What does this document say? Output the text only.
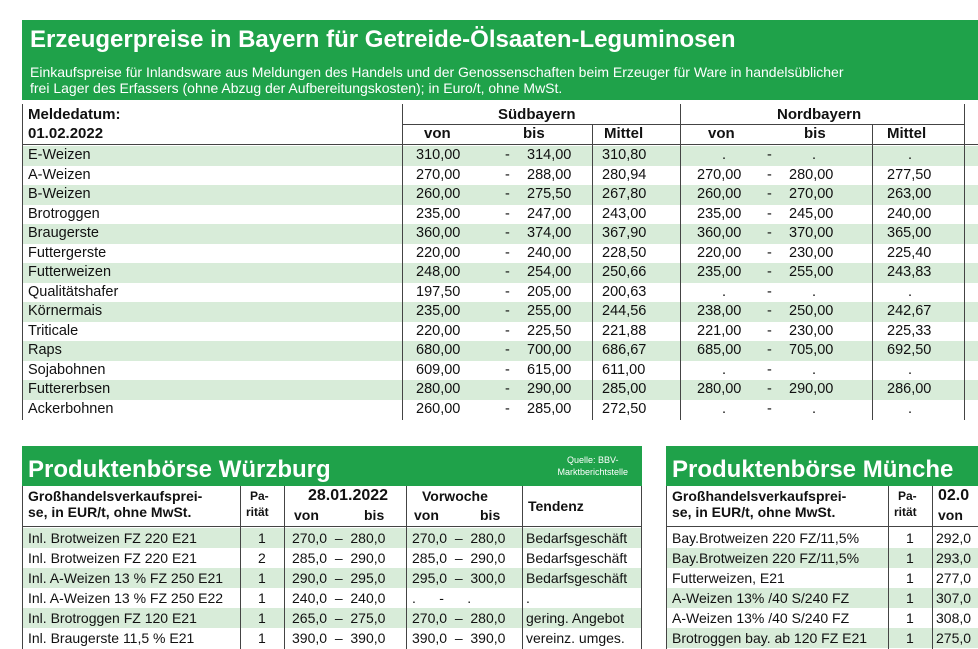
Erzeugerpreise in Bayern für Getreide-Ölsaaten-Leguminosen
Einkaufspreise für Inlandsware aus Meldungen des Handels und der Genossenschaften beim Erzeuger für Ware in handelsüblicher
frei Lager des Erfassers (ohne Abzug der Aufbereitungskosten); in Euro/t, ohne MwSt.
Meldedatum:
01.02.2022
Südbayern	Nordbayern
von	bis	Mittel	von	bis	Mittel
E-Weizen	310,00	- 314,00 310,80	.	-	.	.
A-Weizen	270,00	- 288,00 280,94	270,00 - 280,00	277,50
B-Weizen	260,00	- 275,50 267,80	260,00 - 270,00	263,00
Brotroggen	235,00	- 247,00 243,00	235,00 - 245,00	240,00
Braugerste	360,00	- 374,00 367,90	360,00 - 370,00	365,00
Futtergerste	220,00	- 240,00 228,50	220,00 - 230,00	225,40
Futterweizen	248,00	- 254,00 250,66	235,00 - 255,00	243,83
Qualitätshafer	197,50	- 205,00 200,63	.	-	.	.
Körnermais	235,00	- 255,00 244,56	238,00 - 250,00	242,67
Triticale	220,00	- 225,50 221,88	221,00 - 230,00	225,33
Raps	680,00	- 700,00 686,67	685,00 - 705,00	692,50
Sojabohnen	609,00	- 615,00 611,00	.	-	.	.
Futtererbsen	280,00	- 290,00 285,00	280,00 - 290,00	286,00
Ackerbohnen	260,00	- 285,00 272,50	.	-	.	.
Produktenbörse Würzburg	Quelle: BBV-
Marktberichtstelle
Großhandelsverkaufsprei-
se, in EUR/t, ohne MwSt.
Pa-
rität
28.01.2022
von	bis
Vorwoche
von	bis
Tendenz
Inl. Brotweizen FZ 220 E21	1 270,0  –  280,0 270,0  –  280,0 Bedarfsgeschäft
Inl. Brotweizen FZ 220 E21	2 285,0  –  290,0 285,0  –  290,0 Bedarfsgeschäft
Inl. A-Weizen 13 % FZ 250 E21 1 290,0  –  295,0 295,0  –  300,0 Bedarfsgeschäft
Inl. A-Weizen 13 % FZ 250 E22 1 240,0  –  240,0 .      -      .	.
Inl. Brotroggen FZ 120 E21	1 265,0  –  275,0 270,0  –  280,0 gering. Angebot
Inl. Braugerste 11,5 % E21	1 390,0  –  390,0 390,0  –  390,0 vereinz. umges.
Produktenbörse Münche
Großhandelsverkaufsprei-
se, in EUR/t, ohne MwSt.
Pa-
rität
02.0
von
Bay.Brotweizen 220 FZ/11,5%	1 292,0
Bay.Brotweizen 220 FZ/11,5%	1 293,0
Futterweizen, E21	1 277,0
A-Weizen 13% /40 S/240 FZ	1 307,0
A-Weizen 13% /40 S/240 FZ	1 308,0
Brotroggen bay. ab 120 FZ E21	1 275,0
